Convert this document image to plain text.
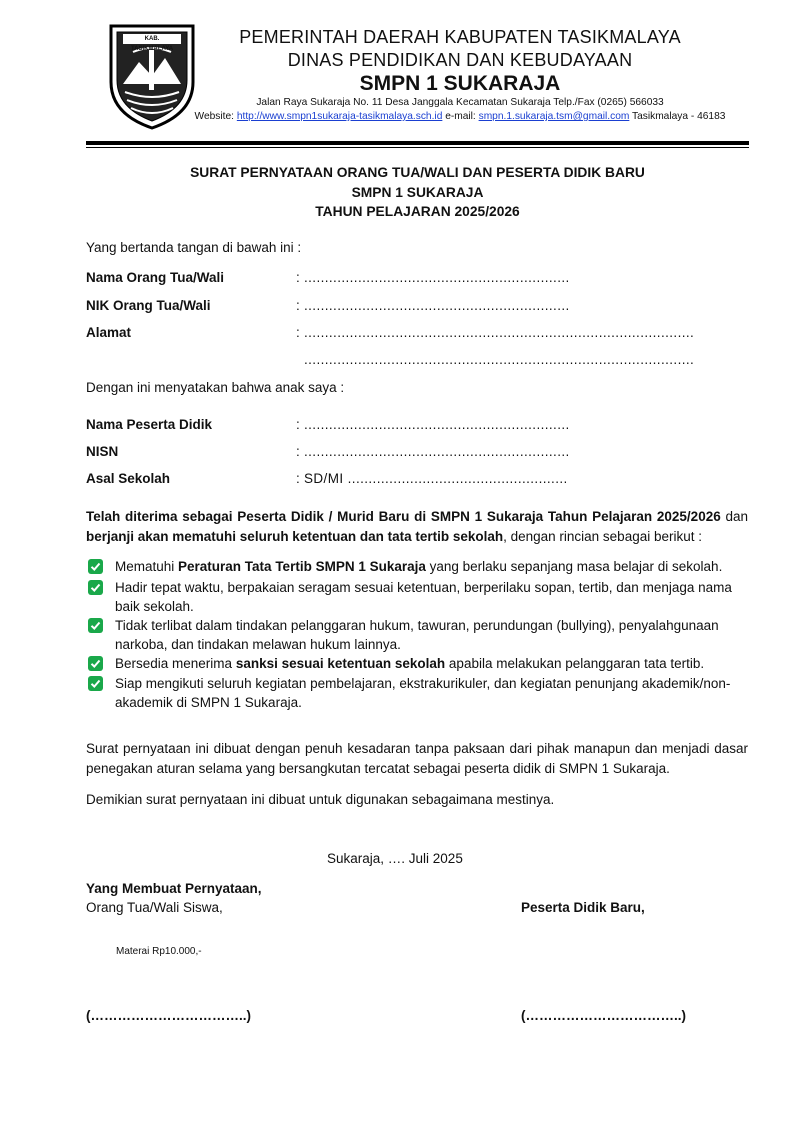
KAB. TASIKMALAYA
PEMERINTAH DAERAH KABUPATEN TASIKMALAYA
DINAS PENDIDIKAN DAN KEBUDAYAAN
SMPN 1 SUKARAJA
Jalan Raya Sukaraja No. 11 Desa Janggala Kecamatan Sukaraja Telp./Fax (0265) 566033
Website: http://www.smpn1sukaraja-tasikmalaya.sch.id e-mail: smpn.1.sukaraja.tsm@gmail.com Tasikmalaya - 46183
SURAT PERNYATAAN ORANG TUA/WALI DAN PESERTA DIDIK BARU
SMPN 1 SUKARAJA
TAHUN PELAJARAN 2025/2026
Yang bertanda tangan di bawah ini :
Nama Orang Tua/Wali	: ................................................................
NIK Orang Tua/Wali	: ................................................................
Alamat	: ..............................................................................................
..............................................................................................
Dengan ini menyatakan bahwa anak saya :
Nama Peserta Didik	: ................................................................
NISN	: ................................................................
Asal Sekolah	: SD/MI .....................................................
Telah diterima sebagai Peserta Didik / Murid Baru di SMPN 1 Sukaraja Tahun Pelajaran 2025/2026 dan berjanji akan mematuhi seluruh ketentuan dan tata tertib sekolah, dengan rincian sebagai berikut :
Mematuhi Peraturan Tata Tertib SMPN 1 Sukaraja yang berlaku sepanjang masa belajar di sekolah.
Hadir tepat waktu, berpakaian seragam sesuai ketentuan, berperilaku sopan, tertib, dan menjaga nama baik sekolah.
Tidak terlibat dalam tindakan pelanggaran hukum, tawuran, perundungan (bullying), penyalahgunaan narkoba, dan tindakan melawan hukum lainnya.
Bersedia menerima sanksi sesuai ketentuan sekolah apabila melakukan pelanggaran tata tertib.
Siap mengikuti seluruh kegiatan pembelajaran, ekstrakurikuler, dan kegiatan penunjang akademik/non-akademik di SMPN 1 Sukaraja.
Surat pernyataan ini dibuat dengan penuh kesadaran tanpa paksaan dari pihak manapun dan menjadi dasar penegakan aturan selama yang bersangkutan tercatat sebagai peserta didik di SMPN 1 Sukaraja.
Demikian surat pernyataan ini dibuat untuk digunakan sebagaimana mestinya.
Sukaraja, …. Juli 2025
Yang Membuat Pernyataan,
Orang Tua/Wali Siswa,	Peserta Didik Baru,
Materai Rp10.000,-
(……………………………..)	(……………………………..)
